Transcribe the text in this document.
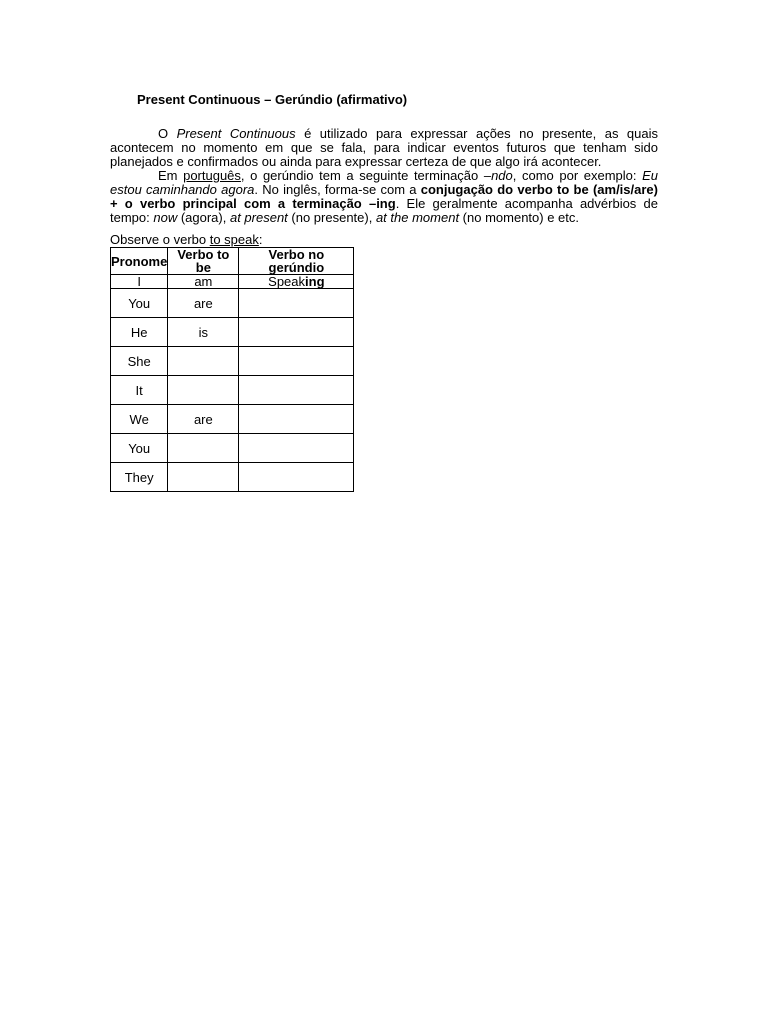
Present Continuous – Gerúndio (afirmativo)

O Present Continuous é utilizado para expressar ações no presente, as quais acontecem no momento em que se fala, para indicar eventos futuros que tenham sido planejados e confirmados ou ainda para expressar certeza de que algo irá acontecer.

Em português, o gerúndio tem a seguinte terminação –ndo, como por exemplo: Eu estou caminhando agora. No inglês, forma-se com a conjugação do verbo to be (am/is/are) + o verbo principal com a terminação –ing. Ele geralmente acompanha advérbios de tempo: now (agora), at present (no presente), at the moment (no momento) e etc.

Observe o verbo to speak:

Pronome	Verbo to be	Verbo no gerúndio
I	am	Speaking
You	are	
He	is	
She		
It		
We	are	
You		
They		
